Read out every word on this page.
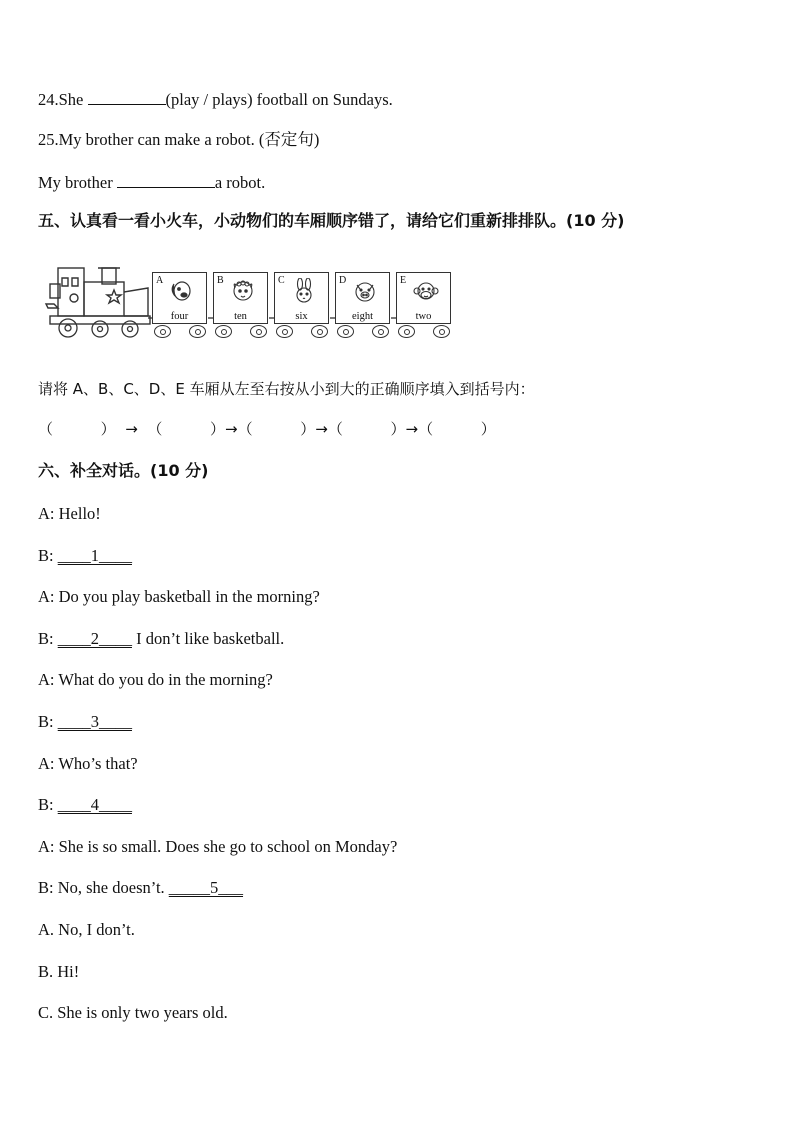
24.She	(play / plays) football on Sundays.
25.My brother can make a robot. (否定句)
My brother	a robot.
五、认真看一看小火车，小动物们的车厢顺序错了，请给它们重新排排队。(10 分)
A
four
B
ten
C
six
D
eight
E
two
请将 A、B、C、D、E 车厢从左至右按从小到大的正确顺序填入到括号内：
（          ）  →  （          ）→（          ）→（          ）→（          ）
六、补全对话。(10 分)
A: Hello!
B: ____1____
A: Do you play basketball in the morning?
B: ____2____ I don’t like basketball.
A: What do you do in the morning?
B: ____3____
A: Who’s that?
B: ____4____
A: She is so small. Does she go to school on Monday?
B: No, she doesn’t. _____5___
A. No, I don’t.
B. Hi!
C. She is only two years old.
